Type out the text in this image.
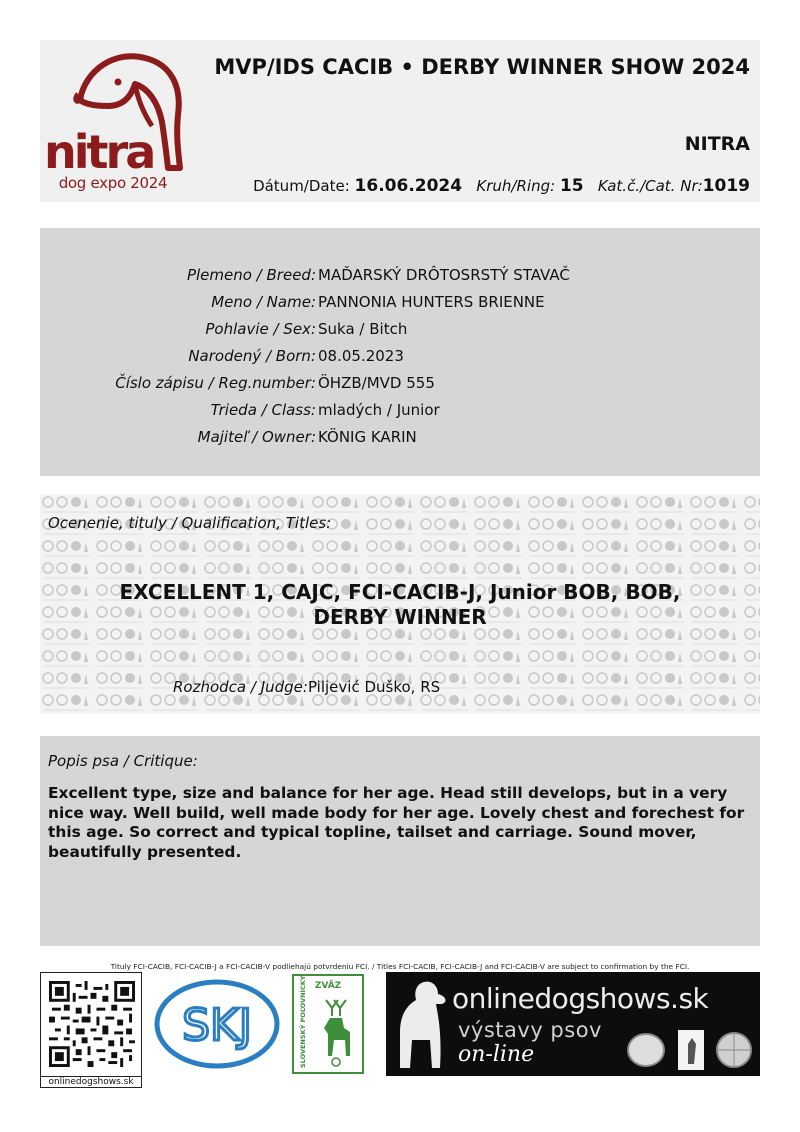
nitra
dog expo 2024
MVP/IDS CACIB • DERBY WINNER SHOW 2024
NITRA
Dátum/Date: 16.06.2024 Kruh/Ring: 15 Kat.č./Cat. Nr:1019
Plemeno / Breed: MAĎARSKÝ DRÔTOSRSTÝ STAVAČ
Meno / Name: PANNONIA HUNTERS BRIENNE
Pohlavie / Sex: Suka / Bitch
Narodený / Born: 08.05.2023
Číslo zápisu / Reg.number: ÖHZB/MVD 555
Trieda / Class: mladých / Junior
Majiteľ / Owner: KÖNIG KARIN
Ocenenie, tituly / Qualification, Titles:
EXCELLENT 1, CAJC, FCI-CACIB-J, Junior BOB, BOB,
DERBY WINNER
Rozhodca / Judge:Piljević Duško, RS
Popis psa / Critique:
Excellent type, size and balance for her age. Head still develops, but in a very nice way. Well build, well made body for her age. Lovely chest and forechest for this age. So correct and typical topline, tailset and carriage. Sound mover, beautifully presented.
Tituly FCI-CACIB, FCI-CACIB-J a FCI-CACIB-V podliehajú potvrdeniu FCI. / Titles FCI-CACIB, FCI-CACIB-J and FCI-CACIB-V are subject to confirmation by the FCI.
onlinedogshows.sk
SKJ
ZVÄZ
SLOVENSKÝ POĽOVNÍCKY	onlinedogshows.sk
výstavy psov
on-line
